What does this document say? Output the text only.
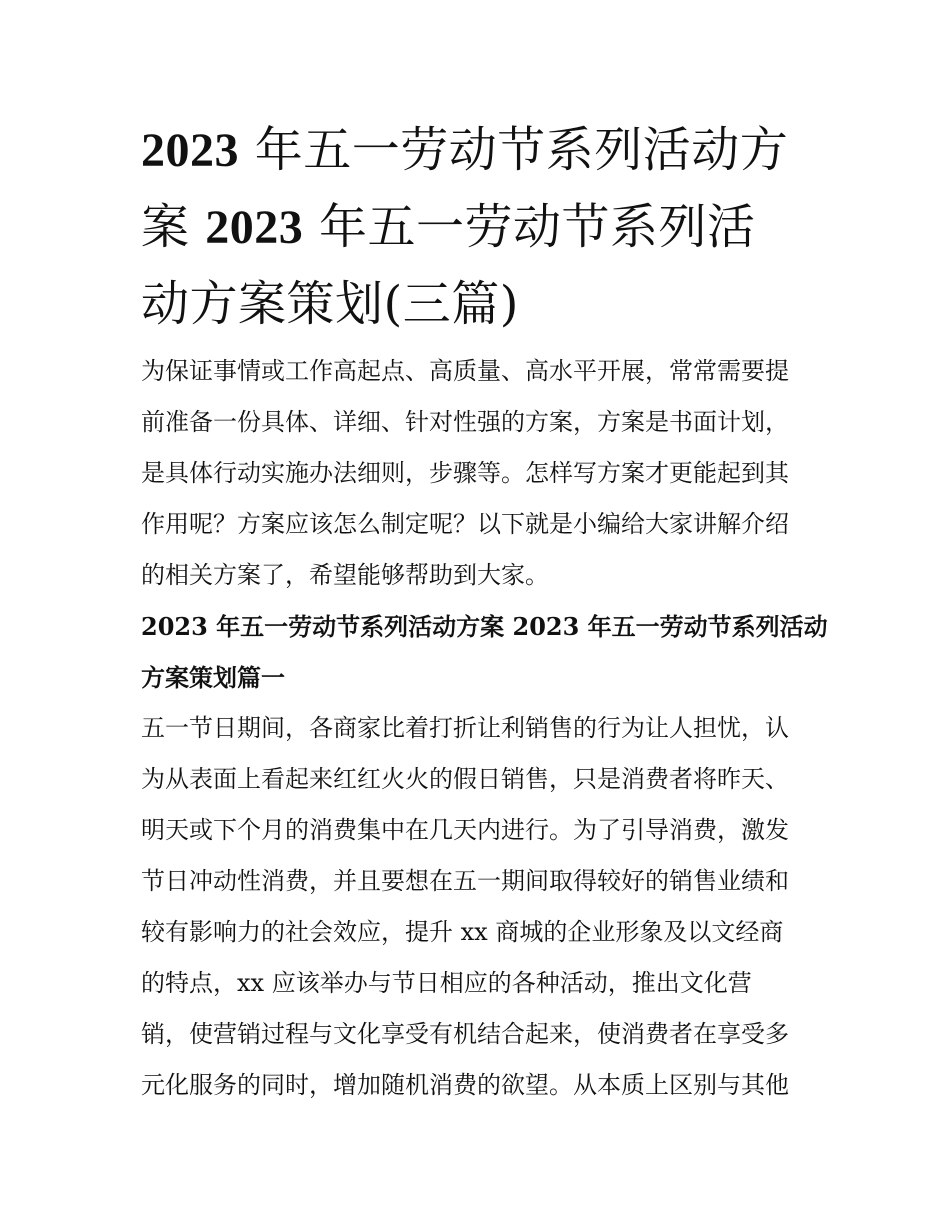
2023 年五一劳动节系列活动方
案 2023 年五一劳动节系列活
动方案策划(三篇)

为保证事情或工作高起点、高质量、高水平开展，常常需要提
前准备一份具体、详细、针对性强的方案，方案是书面计划，
是具体行动实施办法细则，步骤等。怎样写方案才更能起到其
作用呢？方案应该怎么制定呢？以下就是小编给大家讲解介绍
的相关方案了，希望能够帮助到大家。

2023 年五一劳动节系列活动方案 2023 年五一劳动节系列活动
方案策划篇一

五一节日期间，各商家比着打折让利销售的行为让人担忧，认
为从表面上看起来红红火火的假日销售，只是消费者将昨天、
明天或下个月的消费集中在几天内进行。为了引导消费，激发
节日冲动性消费，并且要想在五一期间取得较好的销售业绩和
较有影响力的社会效应，提升 xx 商城的企业形象及以文经商
的特点，xx 应该举办与节日相应的各种活动，推出文化营
销，使营销过程与文化享受有机结合起来，使消费者在享受多
元化服务的同时，增加随机消费的欲望。从本质上区别与其他
